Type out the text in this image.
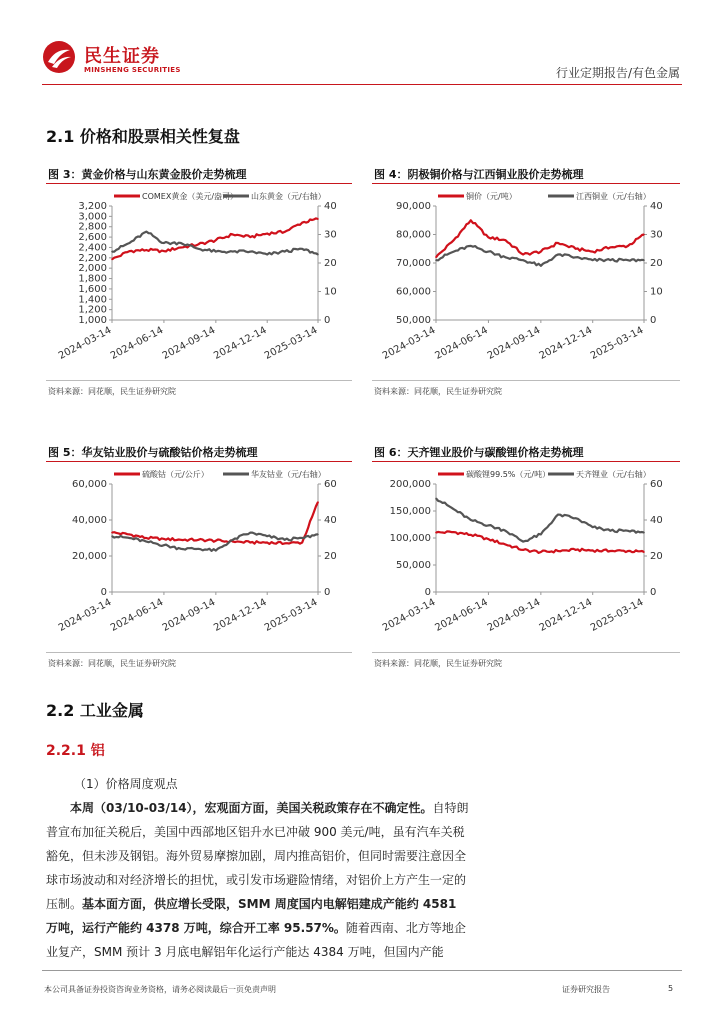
民生证券
MINSHENG SECURITIES	行业定期报告/有色金属
2.1 价格和股票相关性复盘
图 3：黄金价格与山东黄金股价走势梳理
3,200
3,000
2,800
2,600
2,400
2,200
2,000
1,800
1,600
1,400
1,200
1,000
40
30
20
10
0
2024-03-14
2024-06-14
2024-09-14
2024-12-14
2025-03-14
COMEX黄金（美元/盎司） 山东黄金（元/右轴）
资料来源：同花顺，民生证券研究院
图 4：阴极铜价格与江西铜业股价走势梳理
90,000
80,000
70,000
60,000
50,000
40
30
20
10
0
2024-03-14
2024-06-14
2024-09-14
2024-12-14
2025-03-14
铜价（元/吨）	江西铜业（元/右轴）
资料来源：同花顺，民生证券研究院
图 5：华友钴业股价与硫酸钴价格走势梳理
60,000
40,000
20,000
0
60
40
20
0
2024-03-14
2024-06-14
2024-09-14
2024-12-14
2025-03-14
硫酸钴（元/公斤）	华友钴业（元/右轴）
资料来源：同花顺，民生证券研究院
图 6：天齐锂业股价与碳酸锂价格走势梳理
200,000
150,000
100,000
50,000
0
60
40
20
0
2024-03-14
2024-06-14
2024-09-14
2024-12-14
2025-03-14
碳酸锂99.5%（元/吨）	天齐锂业（元/右轴）
资料来源：同花顺，民生证券研究院
2.2 工业金属
2.2.1 铝
（1）价格周度观点
本周（03/10-03/14），宏观面方面，美国关税政策存在不确定性。自特朗普宣布加征关税后，美国中西部地区铝升水已冲破 900 美元/吨，虽有汽车关税豁免，但未涉及钢铝。海外贸易摩擦加剧，周内推高铝价，但同时需要注意因全球市场波动和对经济增长的担忧，或引发市场避险情绪，对铝价上方产生一定的压制。基本面方面，供应增长受限，SMM 周度国内电解铝建成产能约 4581 万吨，运行产能约 4378 万吨，综合开工率 95.57%。随着西南、北方等地企业复产，SMM 预计 3 月底电解铝年化运行产能达 4384 万吨，但国内产能
本公司具备证券投资咨询业务资格，请务必阅读最后一页免责声明	证券研究报告	5
